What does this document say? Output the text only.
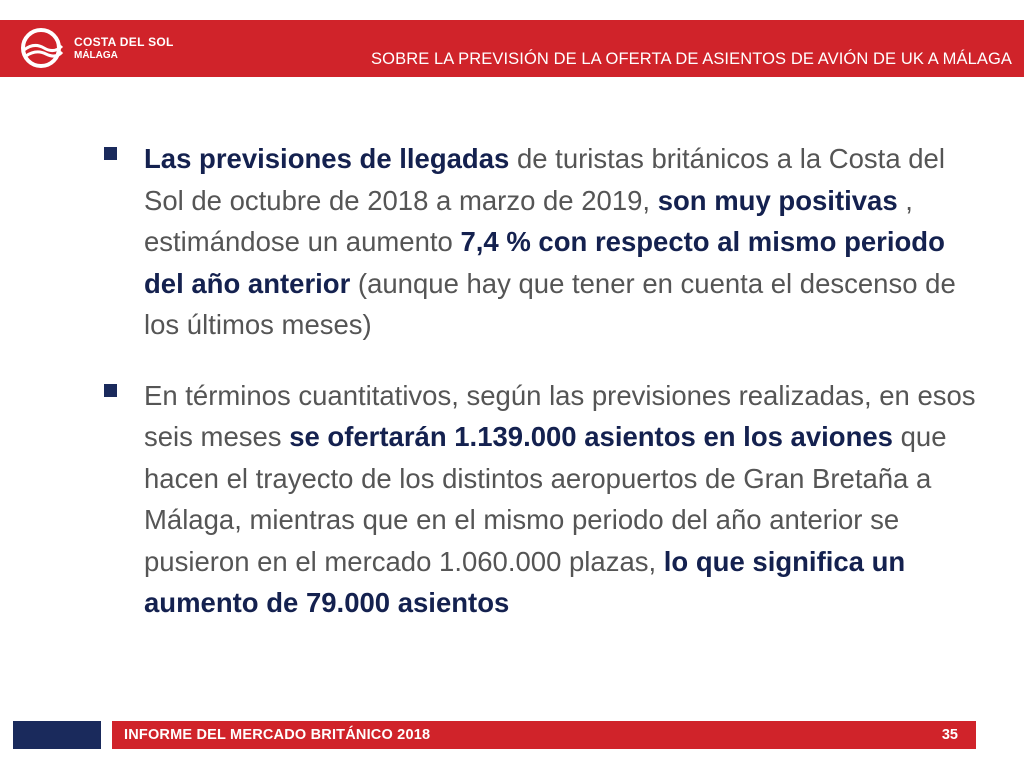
COSTA DEL SOL
MÁLAGA	SOBRE LA PREVISIÓN DE LA OFERTA DE ASIENTOS DE AVIÓN DE UK A MÁLAGA

Las previsiones de llegadas de turistas británicos a la Costa del Sol de octubre de 2018 a marzo de 2019, son muy positivas , estimándose un aumento 7,4 % con respecto al mismo periodo del año anterior (aunque hay que tener en cuenta el descenso de los últimos meses)

En términos cuantitativos, según las previsiones realizadas, en esos seis meses se ofertarán 1.139.000 asientos en los aviones que hacen el trayecto de los distintos aeropuertos de Gran Bretaña a Málaga, mientras que en el mismo periodo del año anterior se pusieron en el mercado 1.060.000 plazas, lo que significa un aumento de 79.000 asientos

INFORME DEL MERCADO BRITÁNICO 2018	35
